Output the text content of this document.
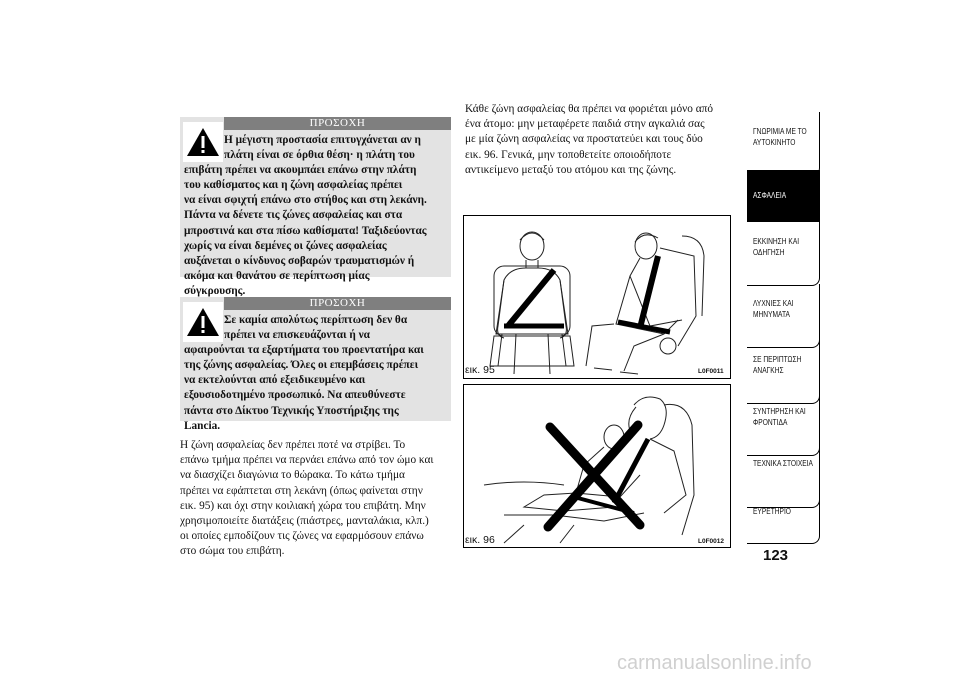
ΠΡΟΣΟΧΗ

Η μέγιστη προστασία επιτυγχάνεται αν η
πλάτη είναι σε όρθια θέση· η πλάτη του
επιβάτη πρέπει να ακουμπάει επάνω στην πλάτη
του καθίσματος και η ζώνη ασφαλείας πρέπει
να είναι σφιχτή επάνω στο στήθος και στη λεκάνη.
Πάντα να δένετε τις ζώνες ασφαλείας και στα
μπροστινά και στα πίσω καθίσματα! Ταξιδεύοντας
χωρίς να είναι δεμένες οι ζώνες ασφαλείας
αυξάνεται ο κίνδυνος σοβαρών τραυματισμών ή
ακόμα και θανάτου σε περίπτωση μίας
σύγκρουσης.

ΠΡΟΣΟΧΗ

Σε καμία απολύτως περίπτωση δεν θα
πρέπει να επισκευάζονται ή να
αφαιρούνται τα εξαρτήματα του προεντατήρα και
της ζώνης ασφαλείας. Όλες οι επεμβάσεις πρέπει
να εκτελούνται από εξειδικευμένο και
εξουσιοδοτημένο προσωπικό. Να απευθύνεστε
πάντα στο Δίκτυο Τεχνικής Υποστήριξης της
Lancia.

Η ζώνη ασφαλείας δεν πρέπει ποτέ να στρίβει. Το
επάνω τμήμα πρέπει να περνάει επάνω από τον ώμο και
να διασχίζει διαγώνια το θώρακα. Το κάτω τμήμα
πρέπει να εφάπτεται στη λεκάνη (όπως φαίνεται στην
εικ. 95) και όχι στην κοιλιακή χώρα του επιβάτη. Μην
χρησιμοποιείτε διατάξεις (πιάστρες, μανταλάκια, κλπ.)
οι οποίες εμποδίζουν τις ζώνες να εφαρμόσουν επάνω
στο σώμα του επιβάτη.

Κάθε ζώνη ασφαλείας θα πρέπει να φοριέται μόνο από
ένα άτομο: μην μεταφέρετε παιδιά στην αγκαλιά σας
με μία ζώνη ασφαλείας να προστατεύει και τους δύο
εικ. 96. Γενικά, μην τοποθετείτε οποιοδήποτε
αντικείμενο μεταξύ του ατόμου και της ζώνης.

εικ. 95	L0F0011
εικ. 96	L0F0012
ΓΝΩΡΙΜΙΑ ΜΕ ΤΟ
ΑΥΤΟΚΙΝΗΤΟ
ΑΣΦΑΛΕΙΑ
ΕΚΚΙΝΗΣΗ ΚΑΙ
ΟΔΗΓΗΣΗ
ΛΥΧΝΙΕΣ ΚΑΙ
ΜΗΝΥΜΑΤΑ
ΣΕ ΠΕΡΙΠΤΩΣΗ
ΑΝΑΓΚΗΣ
ΣΥΝΤΗΡΗΣΗ ΚΑΙ
ΦΡΟΝΤΙΔΑ
ΤΕΧΝΙΚΑ ΣΤΟΙΧΕΙΑ
ΕΥΡΕΤΗΡΙΟ
123
carmanualsonline.info
